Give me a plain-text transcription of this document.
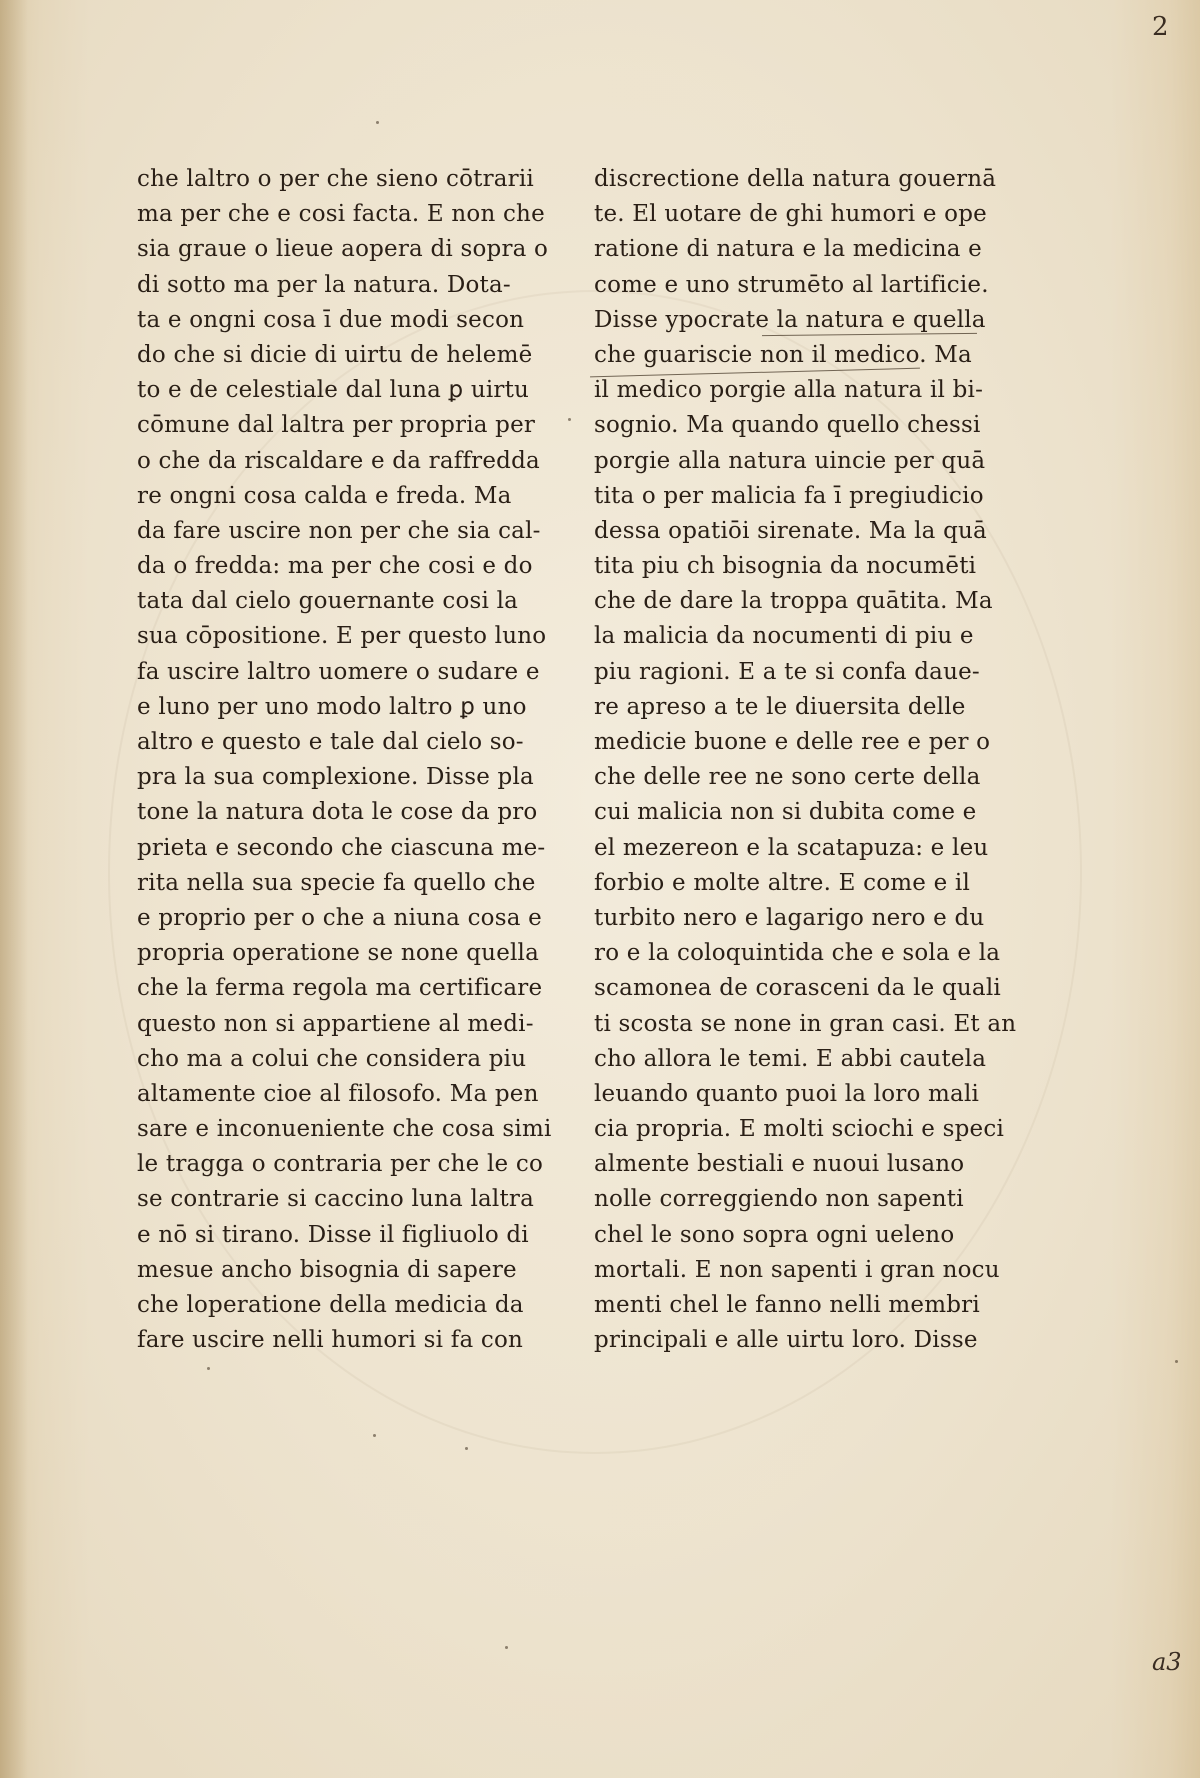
2
che laltro o per che sieno cōtrarii
ma per che e cosi facta. E non che
sia graue o lieue aopera di sopra o
di sotto ma per la natura. Dota-
ta e ongni cosa ī due modi secon
do che si dicie di uirtu de helemē
to e de celestiale dal luna ꝑ uirtu
cōmune dal laltra per propria per
o che da riscaldare e da raffredda
re ongni cosa calda e freda. Ma
da fare uscire non per che sia cal-
da o fredda: ma per che cosi e do
tata dal cielo gouernante cosi la
sua cōpositione. E per questo luno
fa uscire laltro uomere o sudare e
e luno per uno modo laltro ꝑ uno
altro e questo e tale dal cielo so-
pra la sua complexione. Disse pla
tone la natura dota le cose da pro
prieta e secondo che ciascuna me-
rita nella sua specie fa quello che
e proprio per o che a niuna cosa e
propria operatione se none quella
che la ferma regola ma certificare
questo non si appartiene al medi-
cho ma a colui che considera piu
altamente cioe al filosofo. Ma pen
sare e inconueniente che cosa simi
le tragga o contraria per che le co
se contrarie si caccino luna laltra
e nō si tirano. Disse il figliuolo di
mesue ancho bisognia di sapere
che loperatione della medicia da
fare uscire nelli humori si fa con
discrectione della natura gouernā
te. El uotare de ghi humori e ope
ratione di natura e la medicina e
come e uno strumēto al lartificie.
Disse ypocrate la natura e quella
che guariscie non il medico. Ma
il medico porgie alla natura il bi-
sognio. Ma quando quello chessi
porgie alla natura uincie per quā
tita o per malicia fa ī pregiudicio
dessa opatiōi sirenate. Ma la quā
tita piu ch bisognia da nocumēti
che de dare la troppa quātita. Ma
la malicia da nocumenti di piu e
piu ragioni. E a te si confa daue-
re apreso a te le diuersita delle
medicie buone e delle ree e per o
che delle ree ne sono certe della
cui malicia non si dubita come e
el mezereon e la scatapuza: e leu
forbio e molte altre. E come e il
turbito nero e lagarigo nero e du
ro e la coloquintida che e sola e la
scamonea de corasceni da le quali
ti scosta se none in gran casi. Et an
cho allora le temi. E abbi cautela
leuando quanto puoi la loro mali
cia propria. E molti sciochi e speci
almente bestiali e nuoui lusano
nolle correggiendo non sapenti
chel le sono sopra ogni ueleno
mortali. E non sapenti i gran nocu
menti chel le fanno nelli membri
principali e alle uirtu loro. Disse
a3
